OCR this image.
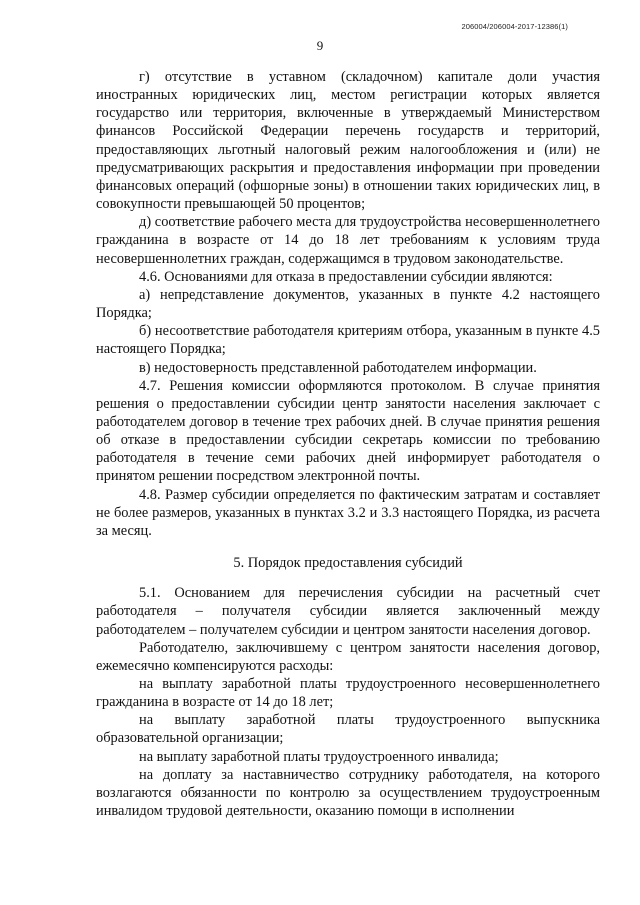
206004/206004-2017-12386(1)
9

г) отсутствие в уставном (складочном) капитале доли участия иностранных юридических лиц, местом регистрации которых является государство или территория, включенные в утверждаемый Министерством финансов Российской Федерации перечень государств и территорий, предоставляющих льготный налоговый режим налогообложения и (или) не предусматривающих раскрытия и предоставления информации при проведении финансовых операций (офшорные зоны) в отношении таких юридических лиц, в совокупности превышающей 50 процентов;

д) соответствие рабочего места для трудоустройства несовершеннолетнего гражданина в возрасте от 14 до 18 лет требованиям к условиям труда несовершеннолетних граждан, содержащимся в трудовом законодательстве.

4.6. Основаниями для отказа в предоставлении субсидии являются:

а) непредставление документов, указанных в пункте 4.2 настоящего Порядка;

б) несоответствие работодателя критериям отбора, указанным в пункте 4.5 настоящего Порядка;

в) недостоверность представленной работодателем информации.

4.7. Решения комиссии оформляются протоколом. В случае принятия решения о предоставлении субсидии центр занятости населения заключает с работодателем договор в течение трех рабочих дней. В случае принятия решения об отказе в предоставлении субсидии секретарь комиссии по требованию работодателя в течение семи рабочих дней информирует работодателя о принятом решении посредством электронной почты.

4.8. Размер субсидии определяется по фактическим затратам и составляет не более размеров, указанных в пунктах 3.2 и 3.3 настоящего Порядка, из расчета за месяц.

5. Порядок предоставления субсидий

5.1. Основанием для перечисления субсидии на расчетный счет работодателя – получателя субсидии является заключенный между работодателем – получателем субсидии и центром занятости населения договор.

Работодателю, заключившему с центром занятости населения договор, ежемесячно компенсируются расходы:

на выплату заработной платы трудоустроенного несовершеннолетнего гражданина в возрасте от 14 до 18 лет;

на выплату заработной платы трудоустроенного выпускника образовательной организации;

на выплату заработной платы трудоустроенного инвалида;

на доплату за наставничество сотруднику работодателя, на которого возлагаются обязанности по контролю за осуществлением трудоустроенным инвалидом трудовой деятельности, оказанию помощи в исполнении
